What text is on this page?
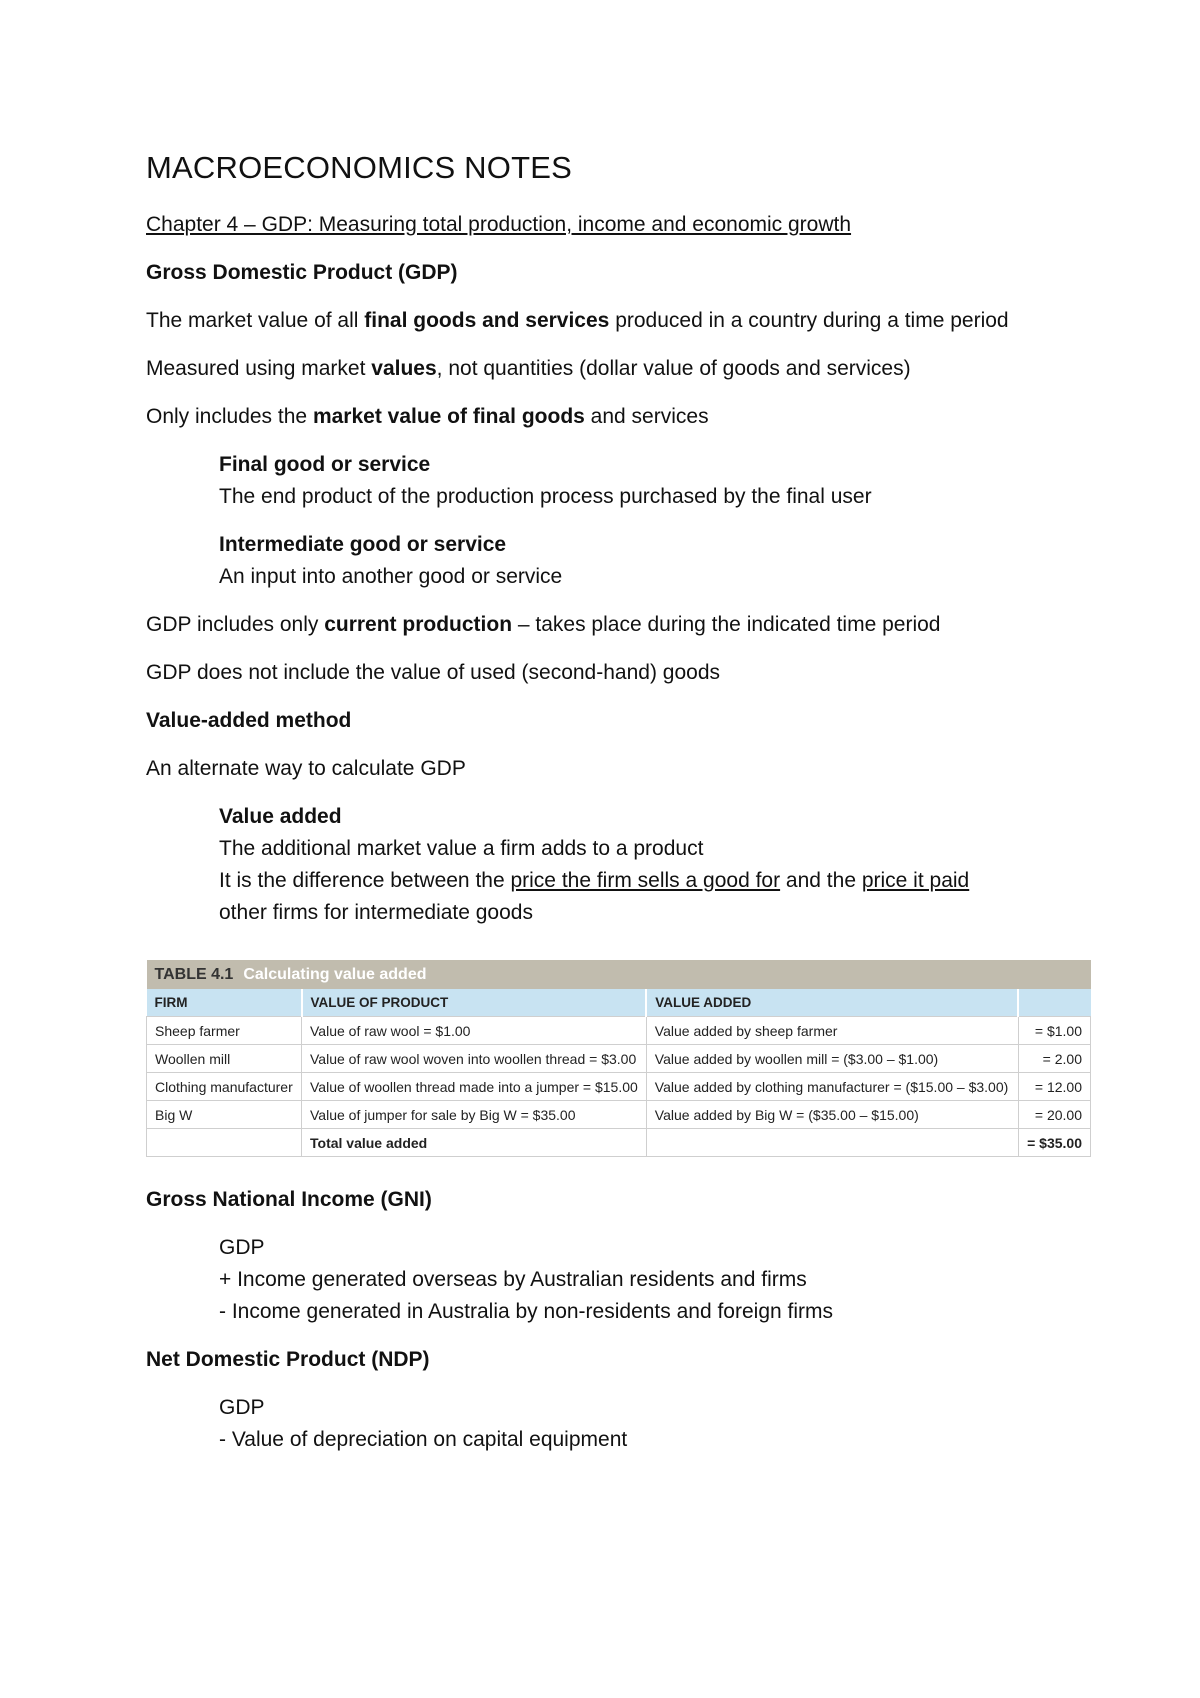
MACROECONOMICS NOTES
Chapter 4 – GDP: Measuring total production, income and economic growth
Gross Domestic Product (GDP)
The market value of all final goods and services produced in a country during a time period
Measured using market values, not quantities (dollar value of goods and services)
Only includes the market value of final goods and services
Final good or service
The end product of the production process purchased by the final user
Intermediate good or service
An input into another good or service
GDP includes only current production – takes place during the indicated time period
GDP does not include the value of used (second-hand) goods
Value-added method
An alternate way to calculate GDP
Value added
The additional market value a firm adds to a product
It is the difference between the price the firm sells a good for and the price it paid
other firms for intermediate goods
TABLE 4.1 Calculating value added			
FIRM	VALUE OF PRODUCT	VALUE ADDED	
Sheep farmer	Value of raw wool = $1.00	Value added by sheep farmer	= $1.00
Woollen mill	Value of raw wool woven into woollen thread = $3.00	Value added by woollen mill = ($3.00 – $1.00)	= 2.00
Clothing manufacturer	Value of woollen thread made into a jumper = $15.00	Value added by clothing manufacturer = ($15.00 – $3.00)	= 12.00
Big W	Value of jumper for sale by Big W = $35.00	Value added by Big W = ($35.00 – $15.00)	= 20.00
	Total value added		= $35.00
Gross National Income (GNI)
GDP
+ Income generated overseas by Australian residents and firms
- Income generated in Australia by non-residents and foreign firms
Net Domestic Product (NDP)
GDP
- Value of depreciation on capital equipment
